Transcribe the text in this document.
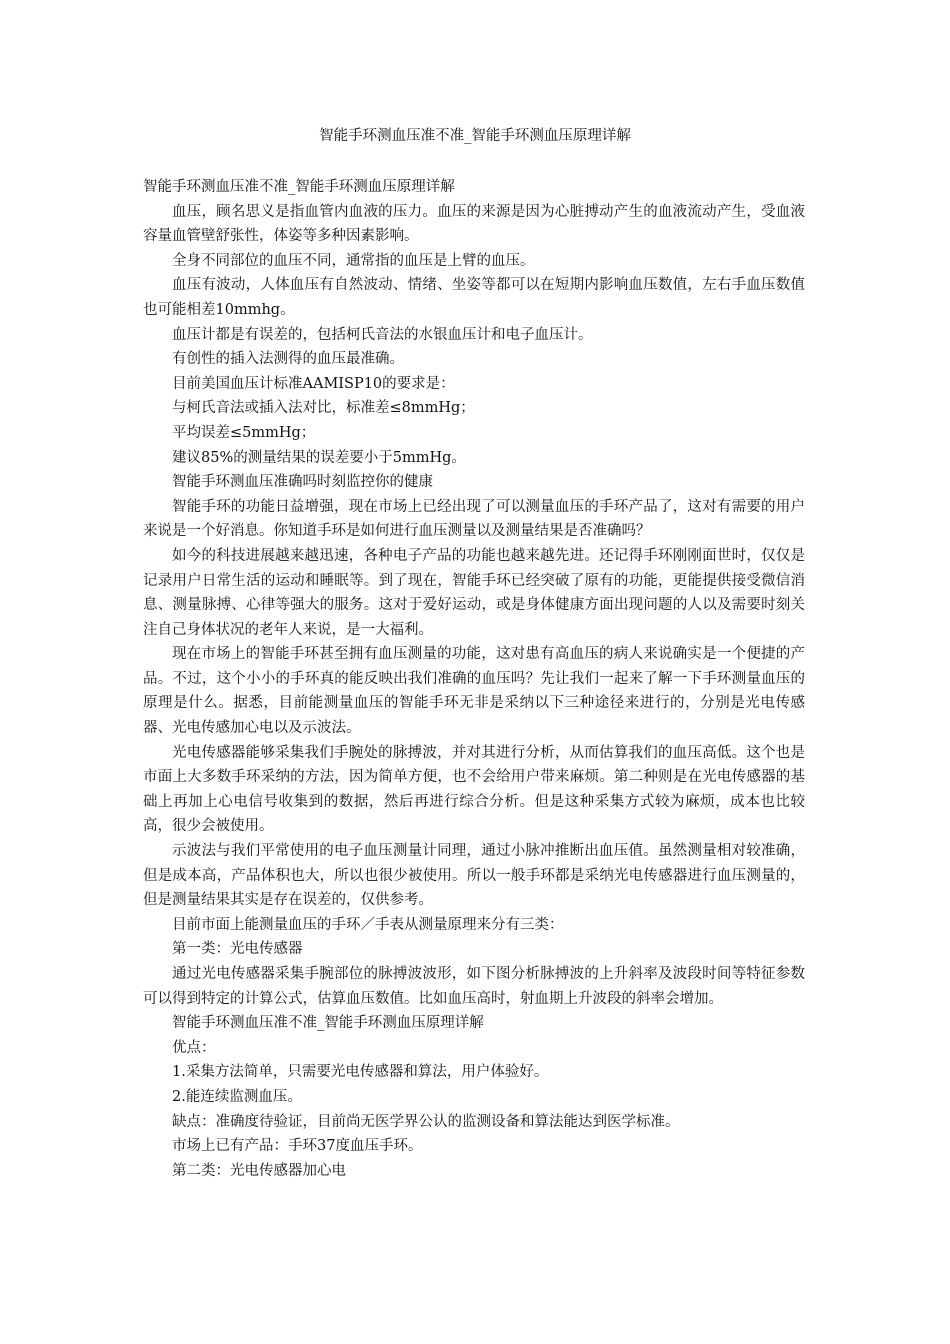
智能手环测血压准不准_智能手环测血压原理详解

智能手环测血压准不准_智能手环测血压原理详解

血压，顾名思义是指血管内血液的压力。血压的来源是因为心脏搏动产生的血液流动产生，受血液容量血管壁舒张性，体姿等多种因素影响。

全身不同部位的血压不同，通常指的血压是上臂的血压。

血压有波动，人体血压有自然波动、情绪、坐姿等都可以在短期内影响血压数值，左右手血压数值也可能相差10mmhg。

血压计都是有误差的，包括柯氏音法的水银血压计和电子血压计。

有创性的插入法测得的血压最准确。

目前美国血压计标准AAMISP10的要求是：

与柯氏音法或插入法对比，标准差≤8mmHg；

平均误差≤5mmHg；

建议85%的测量结果的误差要小于5mmHg。

智能手环测血压准确吗时刻监控你的健康

智能手环的功能日益增强，现在市场上已经出现了可以测量血压的手环产品了，这对有需要的用户来说是一个好消息。你知道手环是如何进行血压测量以及测量结果是否准确吗？

如今的科技进展越来越迅速，各种电子产品的功能也越来越先进。还记得手环刚刚面世时，仅仅是记录用户日常生活的运动和睡眠等。到了现在，智能手环已经突破了原有的功能，更能提供接受微信消息、测量脉搏、心律等强大的服务。这对于爱好运动，或是身体健康方面出现问题的人以及需要时刻关注自己身体状况的老年人来说，是一大福利。

现在市场上的智能手环甚至拥有血压测量的功能，这对患有高血压的病人来说确实是一个便捷的产品。不过，这个小小的手环真的能反映出我们准确的血压吗？先让我们一起来了解一下手环测量血压的原理是什么。据悉，目前能测量血压的智能手环无非是采纳以下三种途径来进行的，分别是光电传感器、光电传感加心电以及示波法。

光电传感器能够采集我们手腕处的脉搏波，并对其进行分析，从而估算我们的血压高低。这个也是市面上大多数手环采纳的方法，因为简单方便，也不会给用户带来麻烦。第二种则是在光电传感器的基础上再加上心电信号收集到的数据，然后再进行综合分析。但是这种采集方式较为麻烦，成本也比较高，很少会被使用。

示波法与我们平常使用的电子血压测量计同理，通过小脉冲推断出血压值。虽然测量相对较准确，但是成本高，产品体积也大，所以也很少被使用。所以一般手环都是采纳光电传感器进行血压测量的，但是测量结果其实是存在误差的，仅供参考。

目前市面上能测量血压的手环／手表从测量原理来分有三类：

第一类：光电传感器

通过光电传感器采集手腕部位的脉搏波波形，如下图分析脉搏波的上升斜率及波段时间等特征参数可以得到特定的计算公式，估算血压数值。比如血压高时，射血期上升波段的斜率会增加。

智能手环测血压准不准_智能手环测血压原理详解

优点：

1.采集方法简单，只需要光电传感器和算法，用户体验好。

2.能连续监测血压。

缺点：准确度待验证，目前尚无医学界公认的监测设备和算法能达到医学标准。

市场上已有产品：手环37度血压手环。

第二类：光电传感器加心电
